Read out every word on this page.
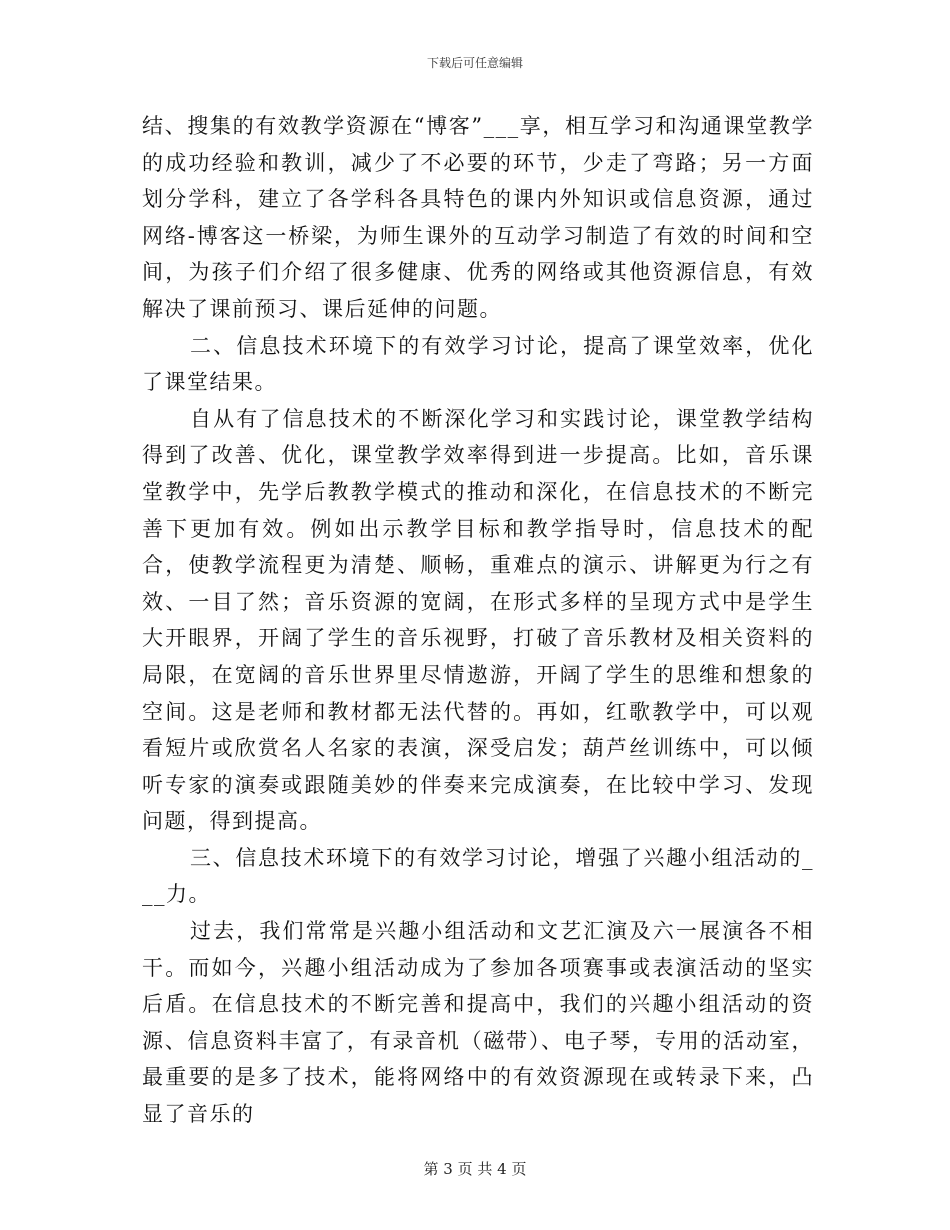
下载后可任意编辑

结、搜集的有效教学资源在“博客”___享，相互学习和沟通课堂教学的成功经验和教训，减少了不必要的环节，少走了弯路；另一方面划分学科，建立了各学科各具特色的课内外知识或信息资源，通过网络-博客这一桥梁，为师生课外的互动学习制造了有效的时间和空间，为孩子们介绍了很多健康、优秀的网络或其他资源信息，有效解决了课前预习、课后延伸的问题。

二、信息技术环境下的有效学习讨论，提高了课堂效率，优化了课堂结果。

自从有了信息技术的不断深化学习和实践讨论，课堂教学结构得到了改善、优化，课堂教学效率得到进一步提高。比如，音乐课堂教学中，先学后教教学模式的推动和深化，在信息技术的不断完善下更加有效。例如出示教学目标和教学指导时，信息技术的配合，使教学流程更为清楚、顺畅，重难点的演示、讲解更为行之有效、一目了然；音乐资源的宽阔，在形式多样的呈现方式中是学生大开眼界，开阔了学生的音乐视野，打破了音乐教材及相关资料的局限，在宽阔的音乐世界里尽情遨游，开阔了学生的思维和想象的空间。这是老师和教材都无法代替的。再如，红歌教学中，可以观看短片或欣赏名人名家的表演，深受启发；葫芦丝训练中，可以倾听专家的演奏或跟随美妙的伴奏来完成演奏，在比较中学习、发现问题，得到提高。

三、信息技术环境下的有效学习讨论，增强了兴趣小组活动的___力。

过去，我们常常是兴趣小组活动和文艺汇演及六一展演各不相干。而如今，兴趣小组活动成为了参加各项赛事或表演活动的坚实后盾。在信息技术的不断完善和提高中，我们的兴趣小组活动的资源、信息资料丰富了，有录音机（磁带）、电子琴，专用的活动室，最重要的是多了技术，能将网络中的有效资源现在或转录下来，凸显了音乐的

第 3 页 共 4 页
